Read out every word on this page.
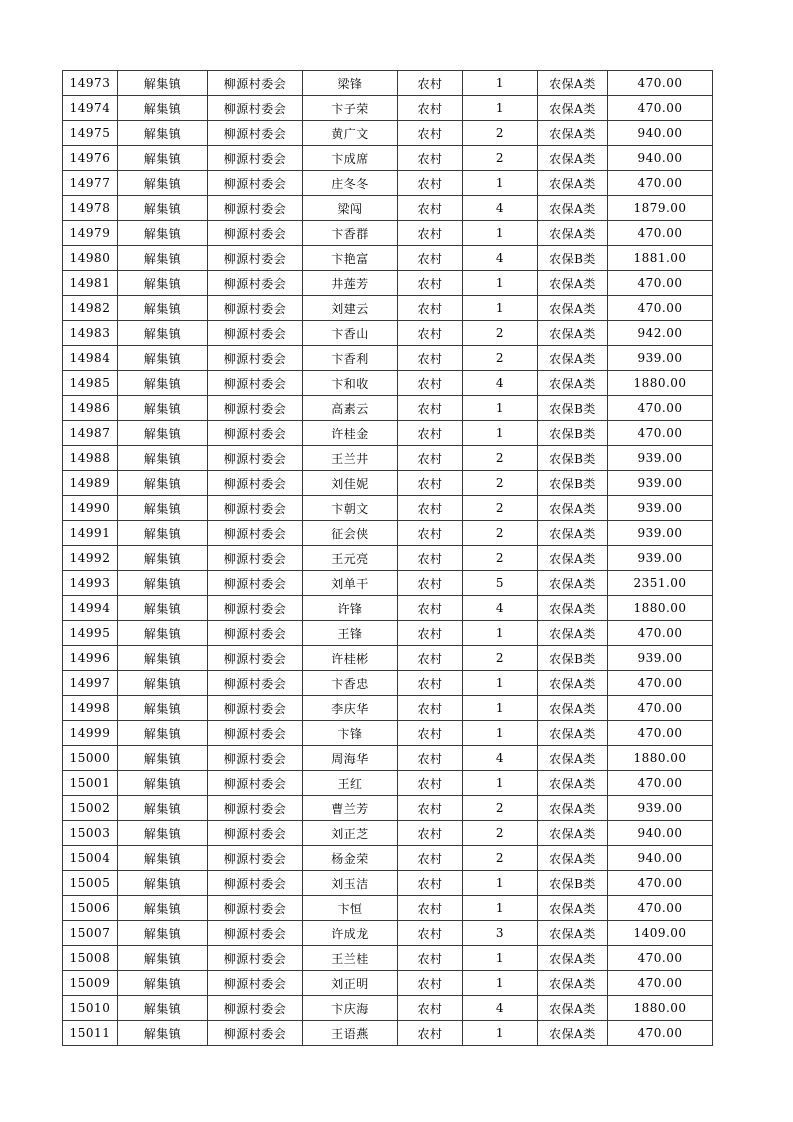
14973	解集镇	柳源村委会	梁锋	农村	1	农保A类	470.00
14974	解集镇	柳源村委会	卞子荣	农村	1	农保A类	470.00
14975	解集镇	柳源村委会	黄广文	农村	2	农保A类	940.00
14976	解集镇	柳源村委会	卞成席	农村	2	农保A类	940.00
14977	解集镇	柳源村委会	庄冬冬	农村	1	农保A类	470.00
14978	解集镇	柳源村委会	梁闯	农村	4	农保A类	1879.00
14979	解集镇	柳源村委会	卞香群	农村	1	农保A类	470.00
14980	解集镇	柳源村委会	卞艳富	农村	4	农保B类	1881.00
14981	解集镇	柳源村委会	井莲芳	农村	1	农保A类	470.00
14982	解集镇	柳源村委会	刘建云	农村	1	农保A类	470.00
14983	解集镇	柳源村委会	卞香山	农村	2	农保A类	942.00
14984	解集镇	柳源村委会	卞香利	农村	2	农保A类	939.00
14985	解集镇	柳源村委会	卞和收	农村	4	农保A类	1880.00
14986	解集镇	柳源村委会	高素云	农村	1	农保B类	470.00
14987	解集镇	柳源村委会	许桂金	农村	1	农保B类	470.00
14988	解集镇	柳源村委会	王兰井	农村	2	农保B类	939.00
14989	解集镇	柳源村委会	刘佳妮	农村	2	农保B类	939.00
14990	解集镇	柳源村委会	卞朝文	农村	2	农保A类	939.00
14991	解集镇	柳源村委会	征会侠	农村	2	农保A类	939.00
14992	解集镇	柳源村委会	王元亮	农村	2	农保A类	939.00
14993	解集镇	柳源村委会	刘单干	农村	5	农保A类	2351.00
14994	解集镇	柳源村委会	许锋	农村	4	农保A类	1880.00
14995	解集镇	柳源村委会	王锋	农村	1	农保A类	470.00
14996	解集镇	柳源村委会	许桂彬	农村	2	农保B类	939.00
14997	解集镇	柳源村委会	卞香忠	农村	1	农保A类	470.00
14998	解集镇	柳源村委会	李庆华	农村	1	农保A类	470.00
14999	解集镇	柳源村委会	卞锋	农村	1	农保A类	470.00
15000	解集镇	柳源村委会	周海华	农村	4	农保A类	1880.00
15001	解集镇	柳源村委会	王红	农村	1	农保A类	470.00
15002	解集镇	柳源村委会	曹兰芳	农村	2	农保A类	939.00
15003	解集镇	柳源村委会	刘正芝	农村	2	农保A类	940.00
15004	解集镇	柳源村委会	杨金荣	农村	2	农保A类	940.00
15005	解集镇	柳源村委会	刘玉洁	农村	1	农保B类	470.00
15006	解集镇	柳源村委会	卞恒	农村	1	农保A类	470.00
15007	解集镇	柳源村委会	许成龙	农村	3	农保A类	1409.00
15008	解集镇	柳源村委会	王兰桂	农村	1	农保A类	470.00
15009	解集镇	柳源村委会	刘正明	农村	1	农保A类	470.00
15010	解集镇	柳源村委会	卞庆海	农村	4	农保A类	1880.00
15011	解集镇	柳源村委会	王语燕	农村	1	农保A类	470.00
